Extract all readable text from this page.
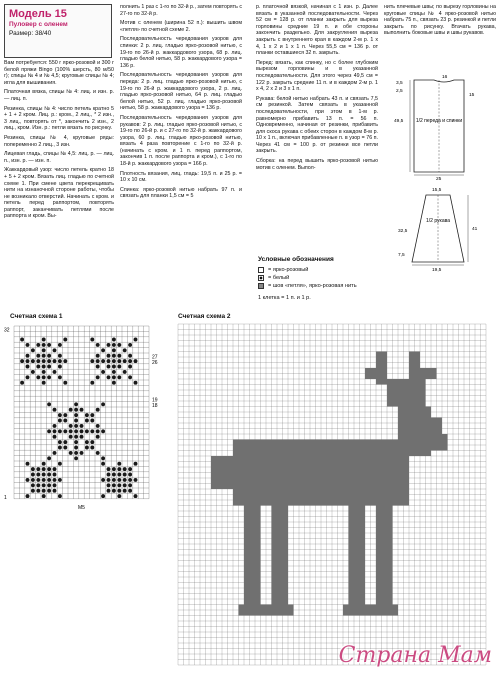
Модель 15
Пуловер с оленем
Размер: 38/40

Вам потребуется: 550 г ярко-розовой и 300 г белой пряжи Bingo (100% шерсть, 80 м/50 г); спицы № 4 и № 4,5; круговые спицы № 4; игла для вышивания.

Платочная вязка, спицы № 4: лиц. и изн. р. — лиц. п.

Резинка, спицы № 4: число петель кратно 5 + 1 + 2 кром. Лиц. р.: кром., 2 лиц., * 2 изн., 3 лиц., повторять от *, закончить 2 изн., 2 лиц., кром. Изн. р.: петли вязать по рисунку.

Резинка, спицы № 4, круговые ряды: попеременно 2 лиц., 3 изн.

Лицевая гладь, спицы № 4,5: лиц. р. — лиц. п., изн. р. — изн. п.

Жаккардовый узор: число петель кратно 18 + 5 + 2 кром. Вязать лиц. гладью по счетной схеме 1. При смене цвета перекрещивать нити на изнаночной стороне работы, чтобы не возникало отверстий. Начинать с кром. и петель перед раппортом, повторять раппорт, заканчивать петлями после раппорта и кром. Вы-

полнить 1 раз с 1-го по 32-й р., затем повторять с 27-го по 32-й р.

Мотив с оленем (ширина 52 п.): вышить швом «петля» по счетной схеме 2.

Последовательность чередования узоров для спинки: 2 р. лиц. гладью ярко-розовой нитью, с 19-го по 26-й р. жаккардового узора, 68 р. лиц. гладью белой нитью, 58 р. жаккардового узора = 136 р.

Последовательность чередования узоров для переда: 2 р. лиц. гладью ярко-розовой нитью, с 19-го по 26-й р. жаккардового узора, 2 р. лиц. гладью ярко-розовой нитью, 64 р. лиц. гладью белой нитью, 52 р. лиц. гладью ярко-розовой нитью, 58 р. жаккардового узора = 136 р.

Последовательность чередования узоров для рукавов: 2 р. лиц. гладью ярко-розовой нитью, с 19-го по 26-й р. и с 27-го по 32-й р. жаккардового узора, 60 р. лиц. гладью ярко-розовой нитью, вязать 4 раза повторение с 1-го по 32-й р. (начинать с кром. и 1 п. перед раппортом, закончив 1 п. после раппорта и кром.), с 1-го по 18-й р. жаккардового узора = 166 р.

Плотность вязания, лиц. гладь: 19,5 п. и 25 р. = 10 х 10 см.

Спинка: ярко-розовой нитью набрать 97 п. и связать для планки 1,5 см = 5

р. платочной вязкой, начиная с 1 изн. р. Далее вязать в указанной последовательности. Через 52 см = 128 р. от планки закрыть для выреза горловины средние 19 п. и обе стороны закончить раздельно. Для закругления выреза закрыть с внутреннего края в каждом 2-м р. 1 х 4, 1 х 2 и 1 х 1 п. Через 55,5 см = 136 р. от планки оставшиеся 32 п. закрыть.

Перед: вязать, как спинку, но с более глубоким вырезом горловины и в указанной последовательности. Для этого через 49,5 см = 122 р. закрыть средние 11 п. и в каждом 2-м р. 1 х 4, 2 х 2 и 3 х 1 п.

Рукава: белой нитью набрать 43 п. и связать 7,5 см резинкой. Затем связать в указанной последовательности, при этом в 1-м р. равномерно прибавить 13 п. = 56 п. Одновременно, начиная от резинки, прибавить для скоса рукава с обеих сторон в каждом 8-м р. 10 х 1 п., включая прибавленные п. в узор = 76 п. Через 41 см = 100 р. от резинки все петли закрыть.

Сборка: на перед вышить ярко-розовой нитью мотив с оленем. Выпол-

нить плечевые швы; по вырезу горловины на круговые спицы № 4 ярко-розовой нитью набрать 75 п., связать 23 р. резинкой и петли закрыть по рисунку. Втачать рукава, выполнить боковые швы и швы рукавов.

1/2 переда и спинки
3,5
2,5
49,5
15
16
25
1/2 рукава
7,5
32,5	41
15,5
19,5
Условные обозначения
= ярко-розовый
= белый
= шов «петля», ярко-розовая нить
1 клетка = 1 п. и 1 р.
Счетная схема 1
32
27
26
19
18
1
M5
Счетная схема 2
Страна Мам
